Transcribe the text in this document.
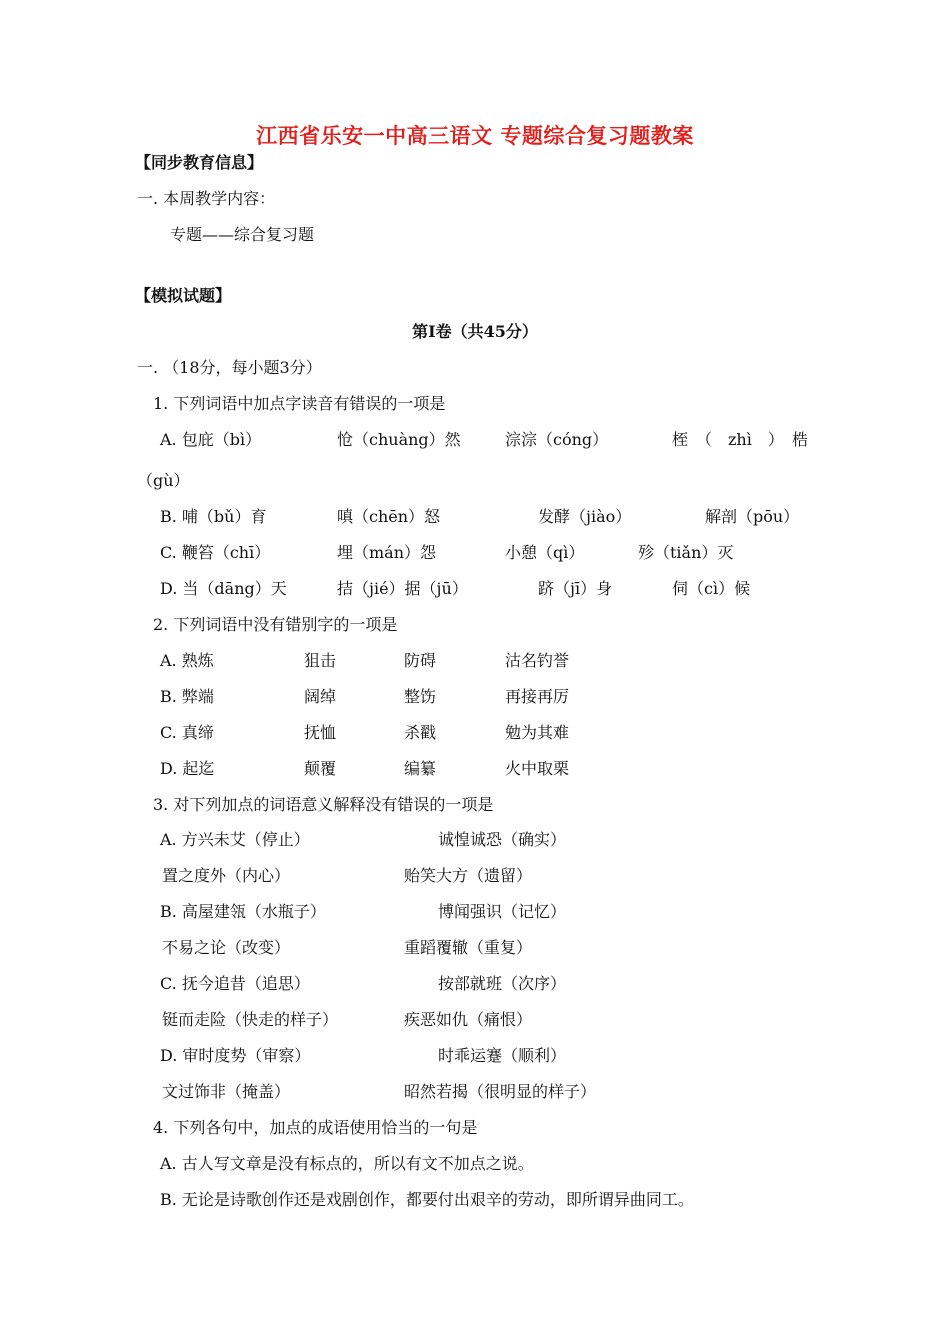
江西省乐安一中高三语文 专题综合复习题教案
【同步教育信息】
一. 本周教学内容：
专题——综合复习题
【模拟试题】
第Ⅰ卷（共45分）
一. （18分，每小题3分）
1. 下列词语中加点字读音有错误的一项是
A. 包庇（bì）	怆（chuàng）然	淙淙（cóng）	桎　（　zhì　）　梏
（gù）
B. 哺（bǔ）育	嗔（chēn）怒	发酵（jiào）	解剖（pōu）
C. 鞭笞（chī）	埋（mán）怨	小憩（qì）	殄（tiǎn）灭
D. 当（dāng）天	拮（jié）据（jū）	跻（jī）身	伺（cì）候
2. 下列词语中没有错别字的一项是
A. 熟炼	狙击	防碍	沽名钓誉
B. 弊端	阔绰	整饬	再接再厉
C. 真缔	抚恤	杀戳	勉为其难
D. 起迄	颠覆	编纂	火中取栗
3. 对下列加点的词语意义解释没有错误的一项是
A. 方兴未艾（停止）	诚惶诚恐（确实）
置之度外（内心）	贻笑大方（遗留）
B. 高屋建瓴（水瓶子）	博闻强识（记忆）
不易之论（改变）	重蹈覆辙（重复）
C. 抚今追昔（追思）	按部就班（次序）
铤而走险（快走的样子）	疾恶如仇（痛恨）
D. 审时度势（审察）	时乖运蹇（顺利）
文过饰非（掩盖）	昭然若揭（很明显的样子）
4. 下列各句中，加点的成语使用恰当的一句是
A. 古人写文章是没有标点的，所以有文不加点之说。
B. 无论是诗歌创作还是戏剧创作，都要付出艰辛的劳动，即所谓异曲同工。
